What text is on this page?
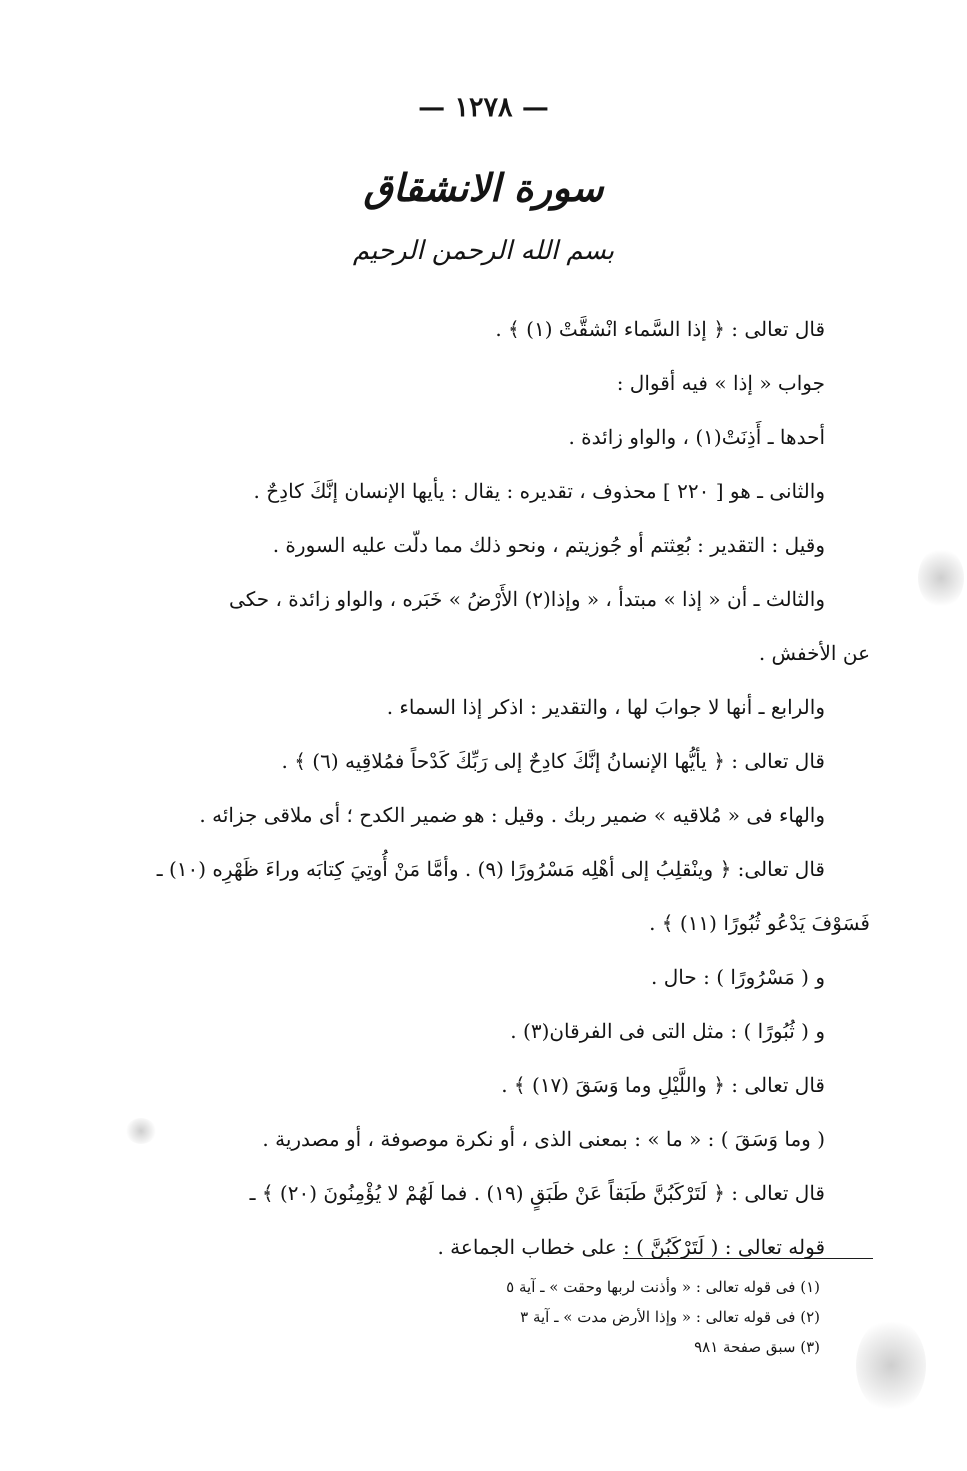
— ١٢٧٨ —
سورة الانشقاق
بسم الله الرحمن الرحيم
قال تعالى : ﴿ إذا السَّماء انْشقَّتْ (١) ﴾ .
جواب « إذا » فيه أقوال :
أحدها ـ أَذِنَتْ(١) ، والواو زائدة .
والثانى ـ هو [ ٢٢٠ ] محذوف ، تقديره : يقال : يأيها الإنسان إنَّكَ كادِحٌ .
وقيل : التقدير : بُعِثتم أو جُوزيتم ، ونحو ذلك مما دلّت عليه السورة .
والثالث ـ أن « إذا » مبتدأ ، « وإذا(٢) الأَرْضُ » خَبَره ، والواو زائدة ، حكى
عن الأخفش .
والرابع ـ أنها لا جوابَ لها ، والتقدير : اذكر إذا السماء .
قال تعالى : ﴿ يأيُّها الإنسانُ إنَّكَ كادِحٌ إلى رَبِّكَ كَدْحاً فمُلاقِيه (٦) ﴾ .
والهاء فى « مُلاقيه » ضمير ربك . وقيل : هو ضمير الكدح ؛ أى ملاقى جزائه .
قال تعالى: ﴿ وينْقلِبُ إلى أهْلِه مَسْرُورًا (٩) . وأمَّا مَنْ أُوتِيَ كِتابَه وراءَ ظَهْرِه (١٠) ـ
فَسَوْفَ يَدْعُو ثُبُورًا (١١) ﴾ .
و ( مَسْرُورًا ) : حال .
و ( ثُبُورًا ) : مثل التى فى الفرقان(٣) .
قال تعالى : ﴿ واللَّيْلِ وما وَسَقَ (١٧) ﴾ .
( وما وَسَقَ ) : « ما » : بمعنى الذى ، أو نكرة موصوفة ، أو مصدرية .
قال تعالى : ﴿ لَتَرْكَبُنَّ طَبَقاً عَنْ طَبَقٍ (١٩) . فما لَهُمْ لا يُؤْمِنُونَ (٢٠) ﴾ ـ
قوله تعالى : ( لَتَرْكَبُنَّ ) : على خطاب الجماعة .
(١) فى قوله تعالى : « وأذنت لربها وحقت » ـ آية ٥
(٢) فى قوله تعالى : « وإذا الأرض مدت » ـ آية ٣
(٣) سبق صفحة ٩٨١
